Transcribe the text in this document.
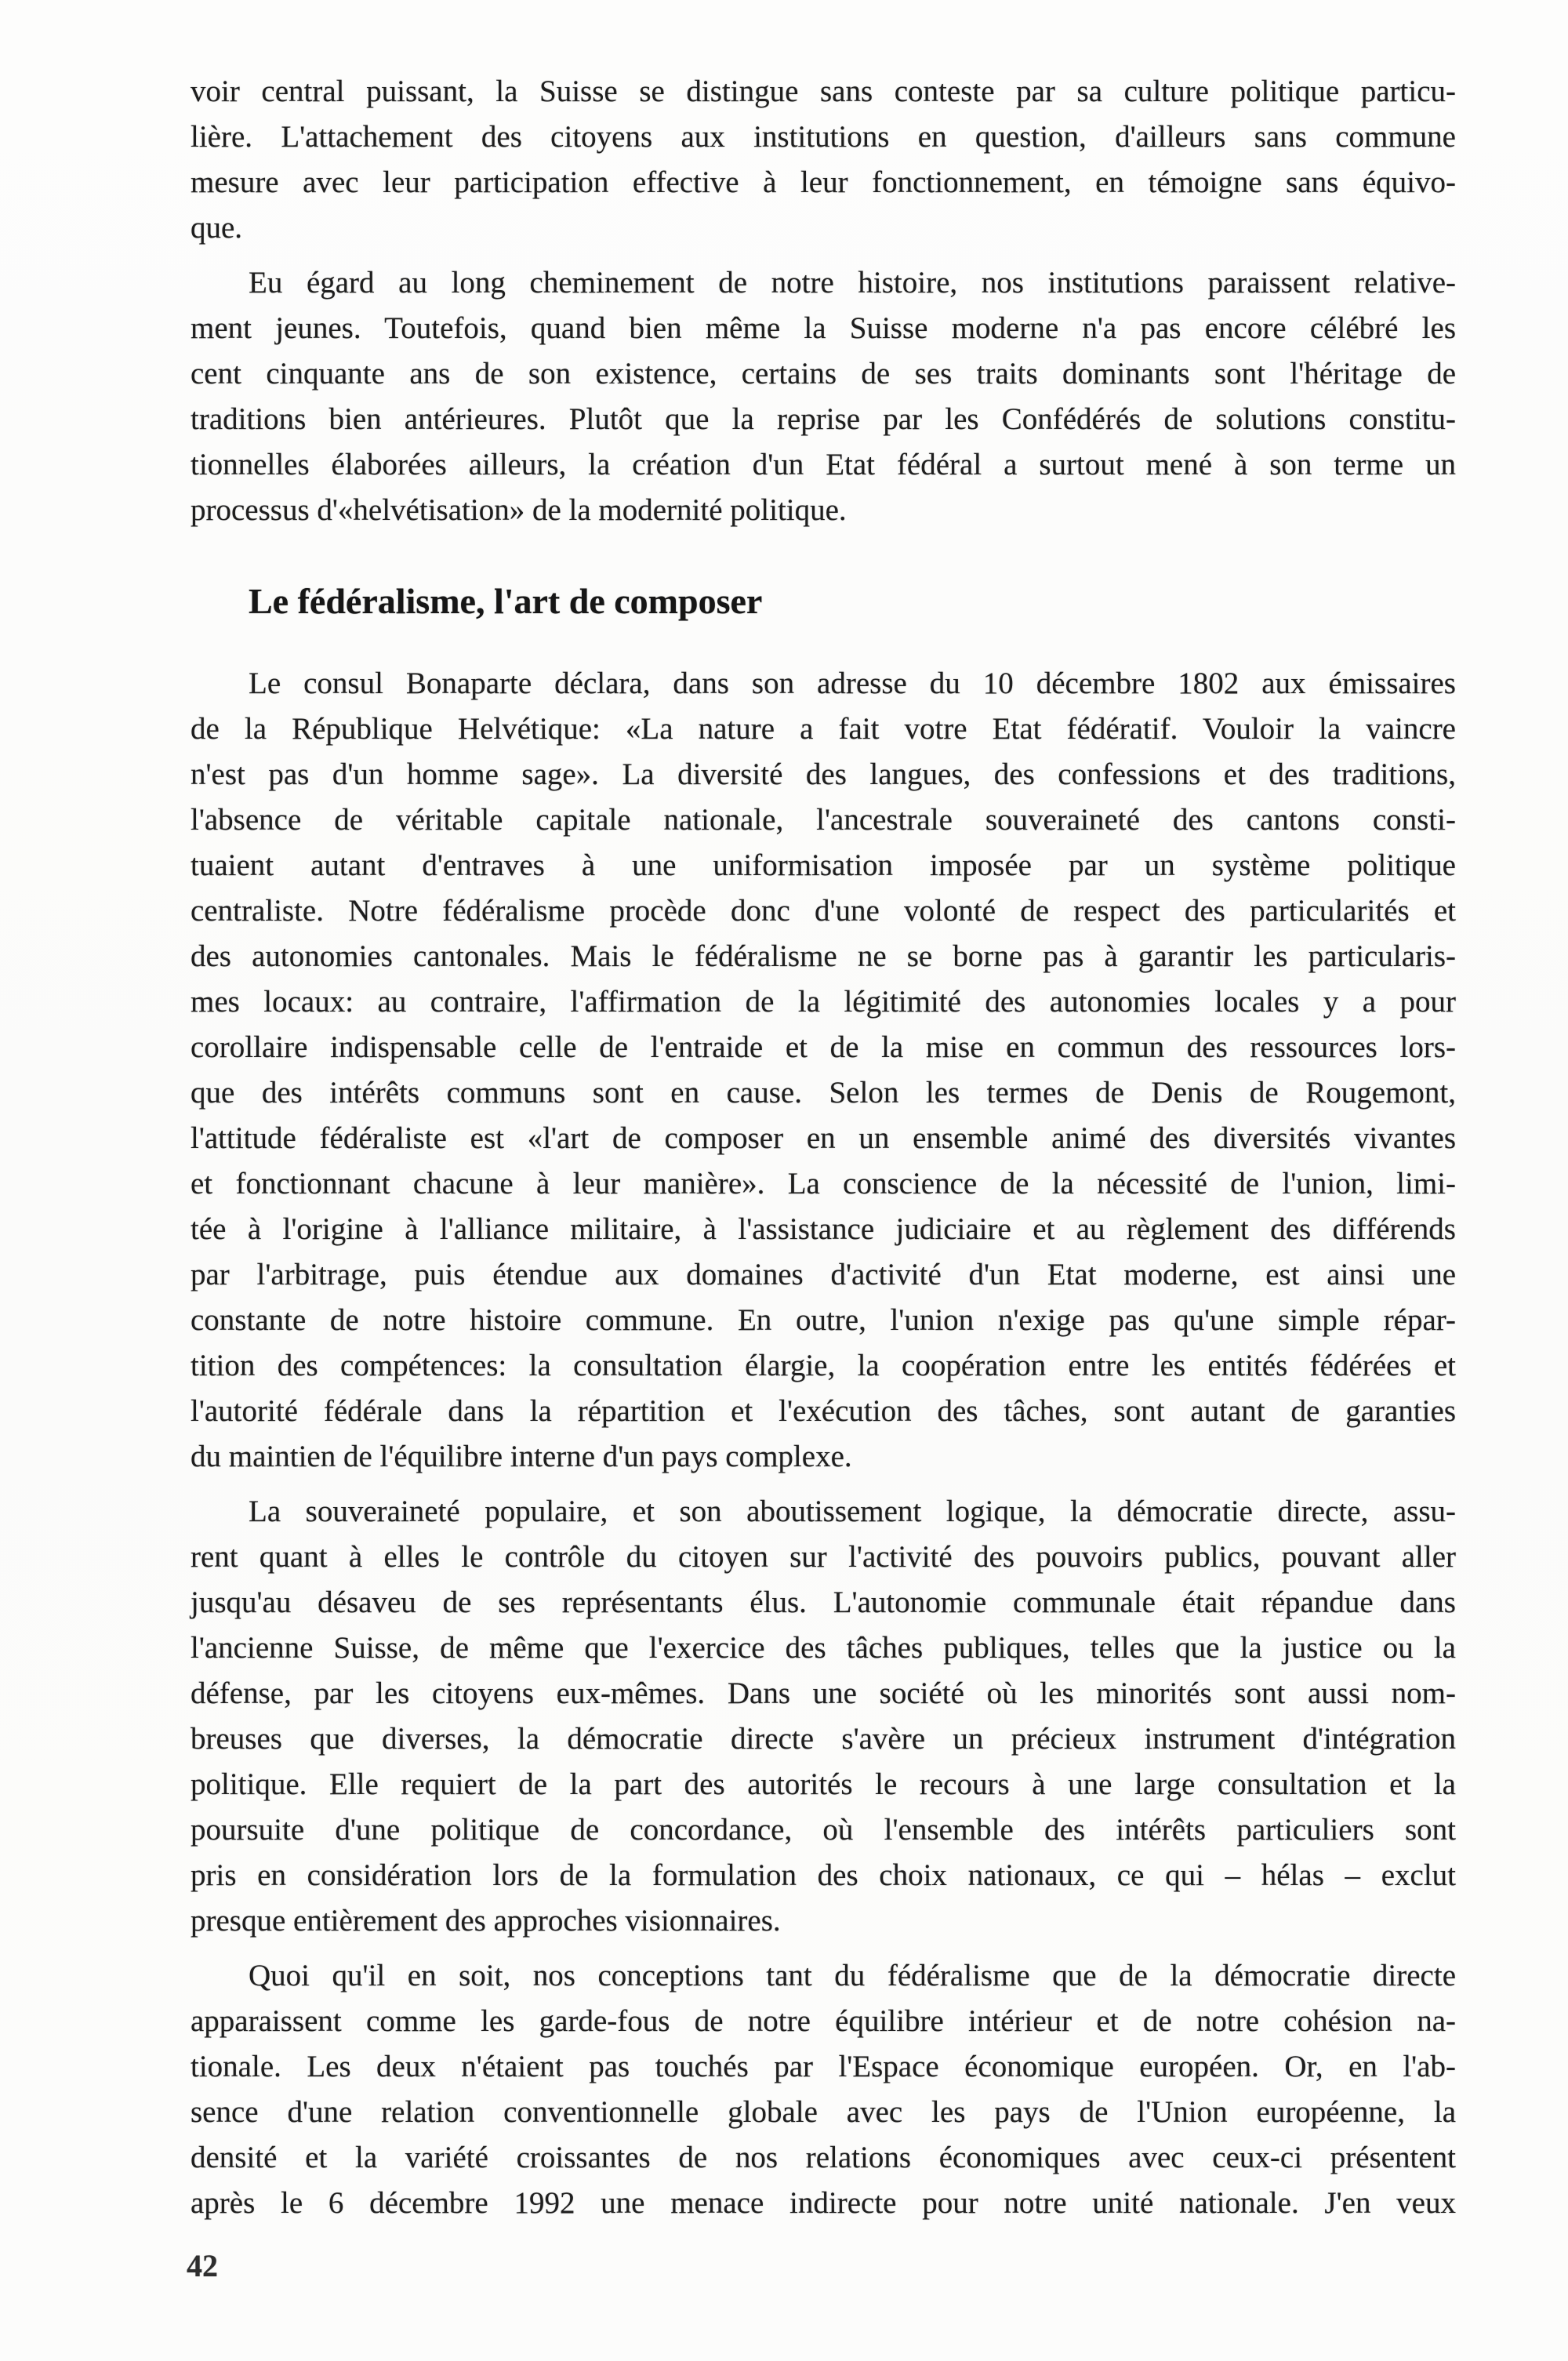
voir central puissant, la Suisse se distingue sans conteste par sa culture politique particu-
lière. L'attachement des citoyens aux institutions en question, d'ailleurs sans commune
mesure avec leur participation effective à leur fonctionnement, en témoigne sans équivo-
que.
Eu égard au long cheminement de notre histoire, nos institutions paraissent relative-
ment jeunes. Toutefois, quand bien même la Suisse moderne n'a pas encore célébré les
cent cinquante ans de son existence, certains de ses traits dominants sont l'héritage de
traditions bien antérieures. Plutôt que la reprise par les Confédérés de solutions constitu-
tionnelles élaborées ailleurs, la création d'un Etat fédéral a surtout mené à son terme un
processus d'«helvétisation» de la modernité politique.
Le fédéralisme, l'art de composer
Le consul Bonaparte déclara, dans son adresse du 10 décembre 1802 aux émissaires
de la République Helvétique: «La nature a fait votre Etat fédératif. Vouloir la vaincre
n'est pas d'un homme sage». La diversité des langues, des confessions et des traditions,
l'absence de véritable capitale nationale, l'ancestrale souveraineté des cantons consti-
tuaient autant d'entraves à une uniformisation imposée par un système politique
centraliste. Notre fédéralisme procède donc d'une volonté de respect des particularités et
des autonomies cantonales. Mais le fédéralisme ne se borne pas à garantir les particularis-
mes locaux: au contraire, l'affirmation de la légitimité des autonomies locales y a pour
corollaire indispensable celle de l'entraide et de la mise en commun des ressources lors-
que des intérêts communs sont en cause. Selon les termes de Denis de Rougemont,
l'attitude fédéraliste est «l'art de composer en un ensemble animé des diversités vivantes
et fonctionnant chacune à leur manière». La conscience de la nécessité de l'union, limi-
tée à l'origine à l'alliance militaire, à l'assistance judiciaire et au règlement des différends
par l'arbitrage, puis étendue aux domaines d'activité d'un Etat moderne, est ainsi une
constante de notre histoire commune. En outre, l'union n'exige pas qu'une simple répar-
tition des compétences: la consultation élargie, la coopération entre les entités fédérées et
l'autorité fédérale dans la répartition et l'exécution des tâches, sont autant de garanties
du maintien de l'équilibre interne d'un pays complexe.
La souveraineté populaire, et son aboutissement logique, la démocratie directe, assu-
rent quant à elles le contrôle du citoyen sur l'activité des pouvoirs publics, pouvant aller
jusqu'au désaveu de ses représentants élus. L'autonomie communale était répandue dans
l'ancienne Suisse, de même que l'exercice des tâches publiques, telles que la justice ou la
défense, par les citoyens eux-mêmes. Dans une société où les minorités sont aussi nom-
breuses que diverses, la démocratie directe s'avère un précieux instrument d'intégration
politique. Elle requiert de la part des autorités le recours à une large consultation et la
poursuite d'une politique de concordance, où l'ensemble des intérêts particuliers sont
pris en considération lors de la formulation des choix nationaux, ce qui – hélas – exclut
presque entièrement des approches visionnaires.
Quoi qu'il en soit, nos conceptions tant du fédéralisme que de la démocratie directe
apparaissent comme les garde-fous de notre équilibre intérieur et de notre cohésion na-
tionale. Les deux n'étaient pas touchés par l'Espace économique européen. Or, en l'ab-
sence d'une relation conventionnelle globale avec les pays de l'Union européenne, la
densité et la variété croissantes de nos relations économiques avec ceux-ci présentent
après le 6 décembre 1992 une menace indirecte pour notre unité nationale. J'en veux
42
